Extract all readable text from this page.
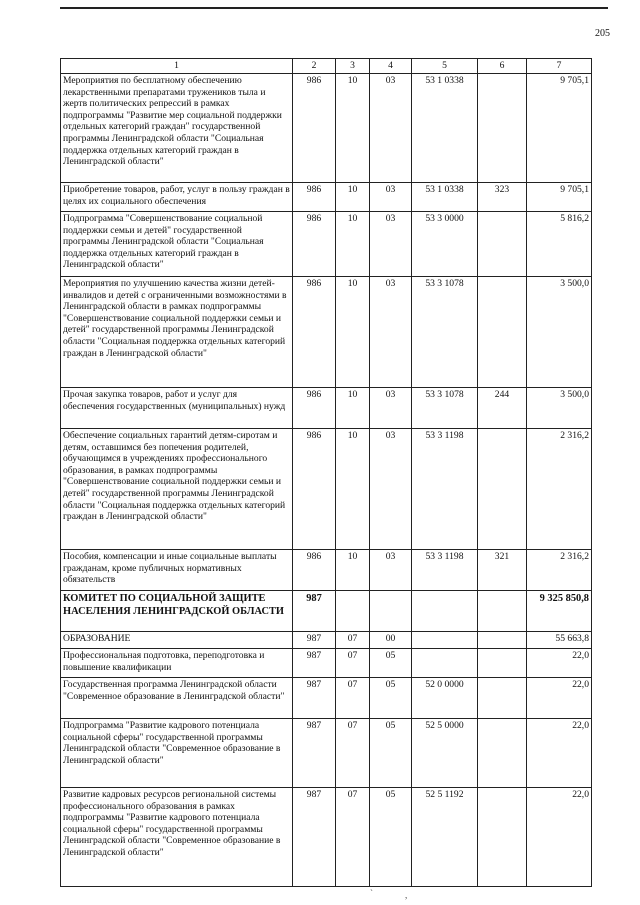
205
1	2	3	4	5	6	7
Мероприятия по бесплатному обеспечению лекарственными препаратами тружеников тыла и жертв политических репрессий в рамках подпрограммы "Развитие мер социальной поддержки отдельных категорий граждан" государственной программы Ленинградской области "Социальная поддержка отдельных категорий граждан в Ленинградской области"	986	10	03	53 1 0338		9 705,1
Приобретение товаров, работ, услуг в пользу граждан в целях их социального обеспечения	986	10	03	53 1 0338	323	9 705,1
Подпрограмма "Совершенствование социальной поддержки семьи и детей" государственной программы Ленинградской области "Социальная поддержка отдельных категорий граждан в Ленинградской области"	986	10	03	53 3 0000		5 816,2
Мероприятия по улучшению качества жизни детей-инвалидов и детей с ограниченными возможностями в Ленинградской области в рамках подпрограммы "Совершенствование социальной поддержки семьи и детей" государственной программы Ленинградской области "Социальная поддержка отдельных категорий граждан в Ленинградской области"	986	10	03	53 3 1078		3 500,0
Прочая закупка товаров, работ и услуг для обеспечения государственных (муниципальных) нужд	986	10	03	53 3 1078	244	3 500,0
Обеспечение социальных гарантий детям-сиротам и детям, оставшимся без попечения родителей, обучающимся в учреждениях профессионального образования, в рамках подпрограммы "Совершенствование социальной поддержки семьи и детей" государственной программы Ленинградской области "Социальная поддержка отдельных категорий граждан в Ленинградской области"	986	10	03	53 3 1198		2 316,2
Пособия, компенсации и иные социальные выплаты гражданам, кроме публичных нормативных обязательств	986	10	03	53 3 1198	321	2 316,2
КОМИТЕТ ПО СОЦИАЛЬНОЙ ЗАЩИТЕ НАСЕЛЕНИЯ ЛЕНИНГРАДСКОЙ ОБЛАСТИ	987					9 325 850,8
ОБРАЗОВАНИЕ	987	07	00			55 663,8
Профессиональная подготовка, переподготовка и повышение квалификации	987	07	05			22,0
Государственная программа Ленинградской области "Современное образование в Ленинградской области"	987	07	05	52 0 0000		22,0
Подпрограмма "Развитие кадрового потенциала социальной сферы" государственной программы Ленинградской области "Современное образование в Ленинградской области"	987	07	05	52 5 0000		22,0
Развитие кадровых ресурсов региональной системы профессионального образования в рамках подпрограммы "Развитие кадрового потенциала социальной сферы" государственной программы Ленинградской области "Современное образование в Ленинградской области"	987	07	05	52 5 1192		22,0
`	,
